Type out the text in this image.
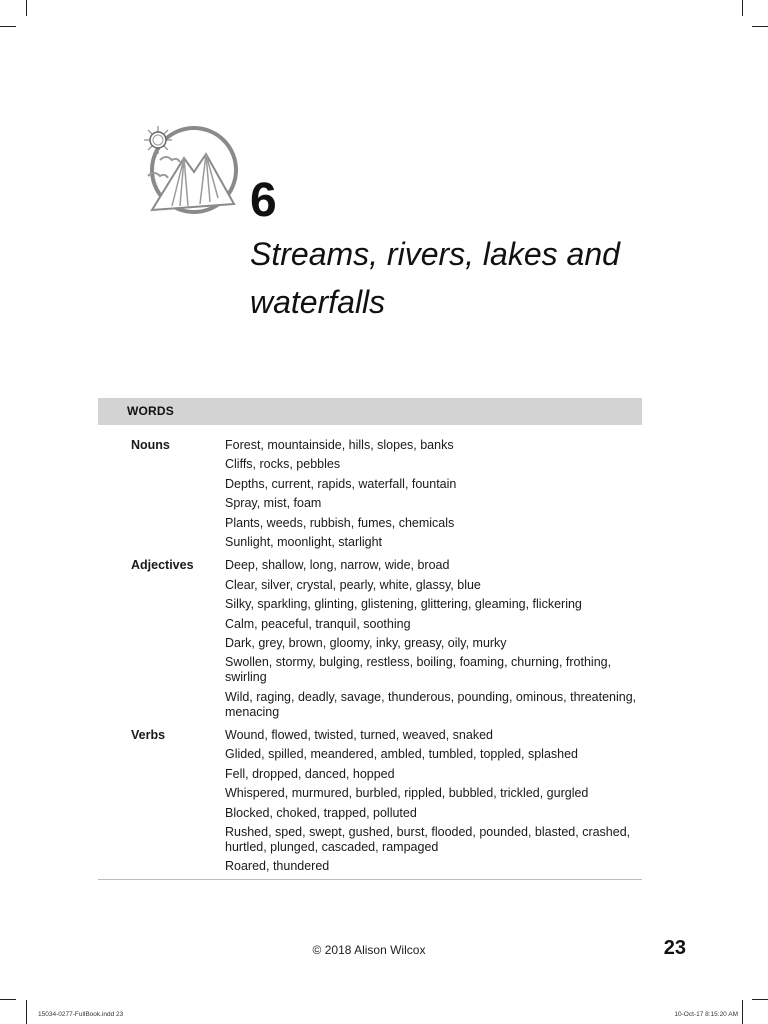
6
Streams, rivers, lakes and waterfalls
WORDS
Nouns	Forest, mountainside, hills, slopes, banks
Cliffs, rocks, pebbles
Depths, current, rapids, waterfall, fountain
Spray, mist, foam
Plants, weeds, rubbish, fumes, chemicals
Sunlight, moonlight, starlight
Adjectives	Deep, shallow, long, narrow, wide, broad
Clear, silver, crystal, pearly, white, glassy, blue
Silky, sparkling, glinting, glistening, glittering, gleaming, flickering
Calm, peaceful, tranquil, soothing
Dark, grey, brown, gloomy, inky, greasy, oily, murky
Swollen, stormy, bulging, restless, boiling, foaming, churning, frothing, swirling
Wild, raging, deadly, savage, thunderous, pounding, ominous, threatening, menacing
Verbs	Wound, flowed, twisted, turned, weaved, snaked
Glided, spilled, meandered, ambled, tumbled, toppled, splashed
Fell, dropped, danced, hopped
Whispered, murmured, burbled, rippled, bubbled, trickled, gurgled
Blocked, choked, trapped, polluted
Rushed, sped, swept, gushed, burst, flooded, pounded, blasted, crashed, hurtled, plunged, cascaded, rampaged
Roared, thundered
© 2018 Alison Wilcox	23
15034-0277-FullBook.indd 23	10-Oct-17 8:15:20 AM
